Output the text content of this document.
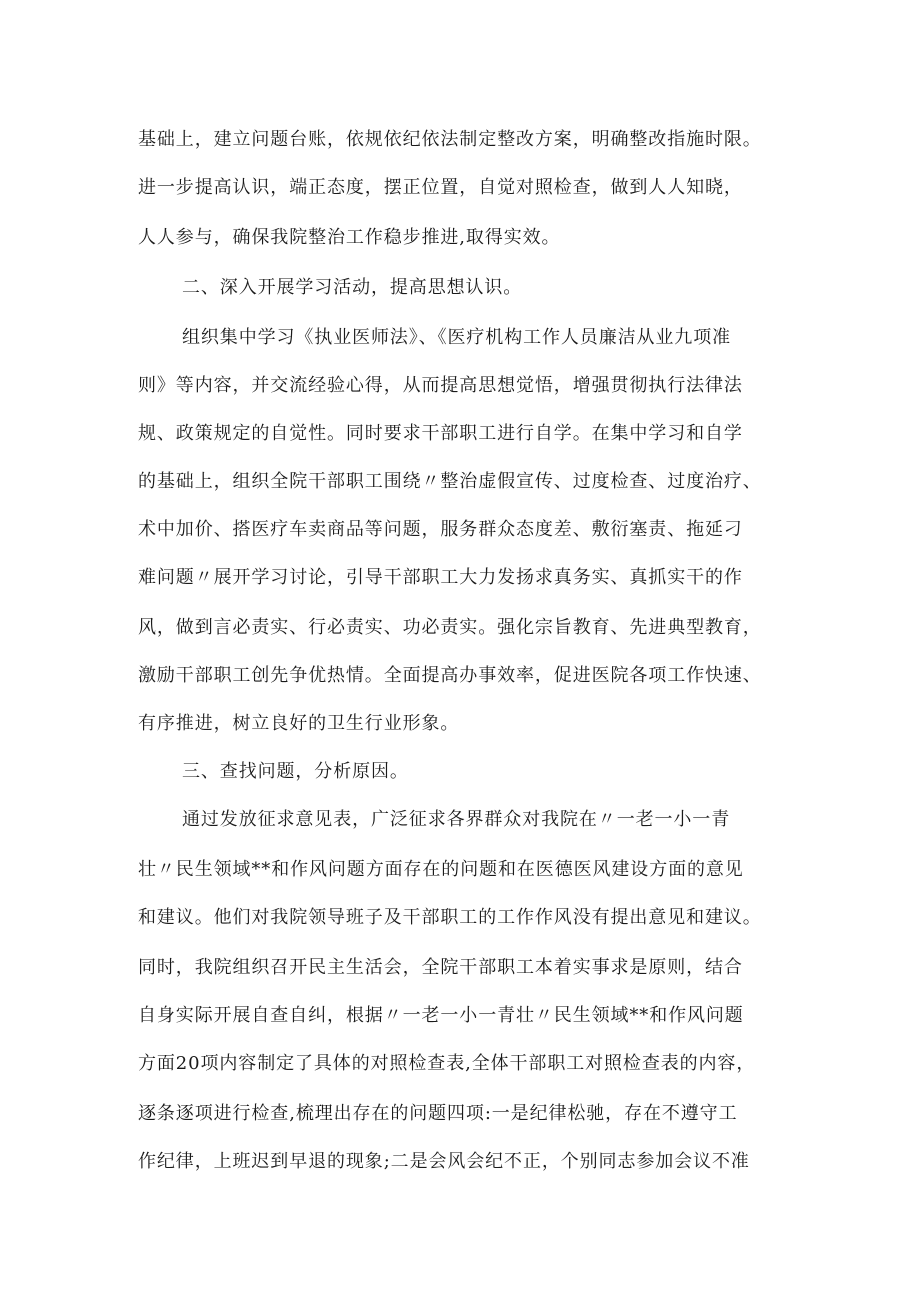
基础上，建立问题台账，依规依纪依法制定整改方案，明确整改指施时限。
进一步提高认识，端正态度，摆正位置，自觉对照检查，做到人人知晓，
人人参与，确保我院整治工作稳步推进,取得实效。
二、深入开展学习活动，提高思想认识。
组织集中学习《执业医师法》、《医疗机构工作人员廉洁从业九项准
则》等内容，并交流经验心得，从而提高思想觉悟，增强贯彻执行法律法
规、政策规定的自觉性。同时要求干部职工进行自学。在集中学习和自学
的基础上，组织全院干部职工围绕〃整治虚假宣传、过度检查、过度治疗、
术中加价、搭医疗车卖商品等问题，服务群众态度差、敷衍塞责、拖延刁
难问题〃展开学习讨论，引导干部职工大力发扬求真务实、真抓实干的作
风，做到言必责实、行必责实、功必责实。强化宗旨教育、先进典型教育，
激励干部职工创先争优热情。全面提高办事效率，促进医院各项工作快速、
有序推进，树立良好的卫生行业形象。
三、查找问题，分析原因。
通过发放征求意见表，广泛征求各界群众对我院在〃一老一小一青
壮〃民生领域**和作风问题方面存在的问题和在医德医风建设方面的意见
和建议。他们对我院领导班子及干部职工的工作作风没有提出意见和建议。
同时，我院组织召开民主生活会，全院干部职工本着实事求是原则，结合
自身实际开展自查自纠，根据〃一老一小一青壮〃民生领域**和作风问题
方面20项内容制定了具体的对照检查表,全体干部职工对照检查表的内容，
逐条逐项进行检查,梳理出存在的问题四项:一是纪律松驰，存在不遵守工
作纪律，上班迟到早退的现象;二是会风会纪不正，个别同志参加会议不准
